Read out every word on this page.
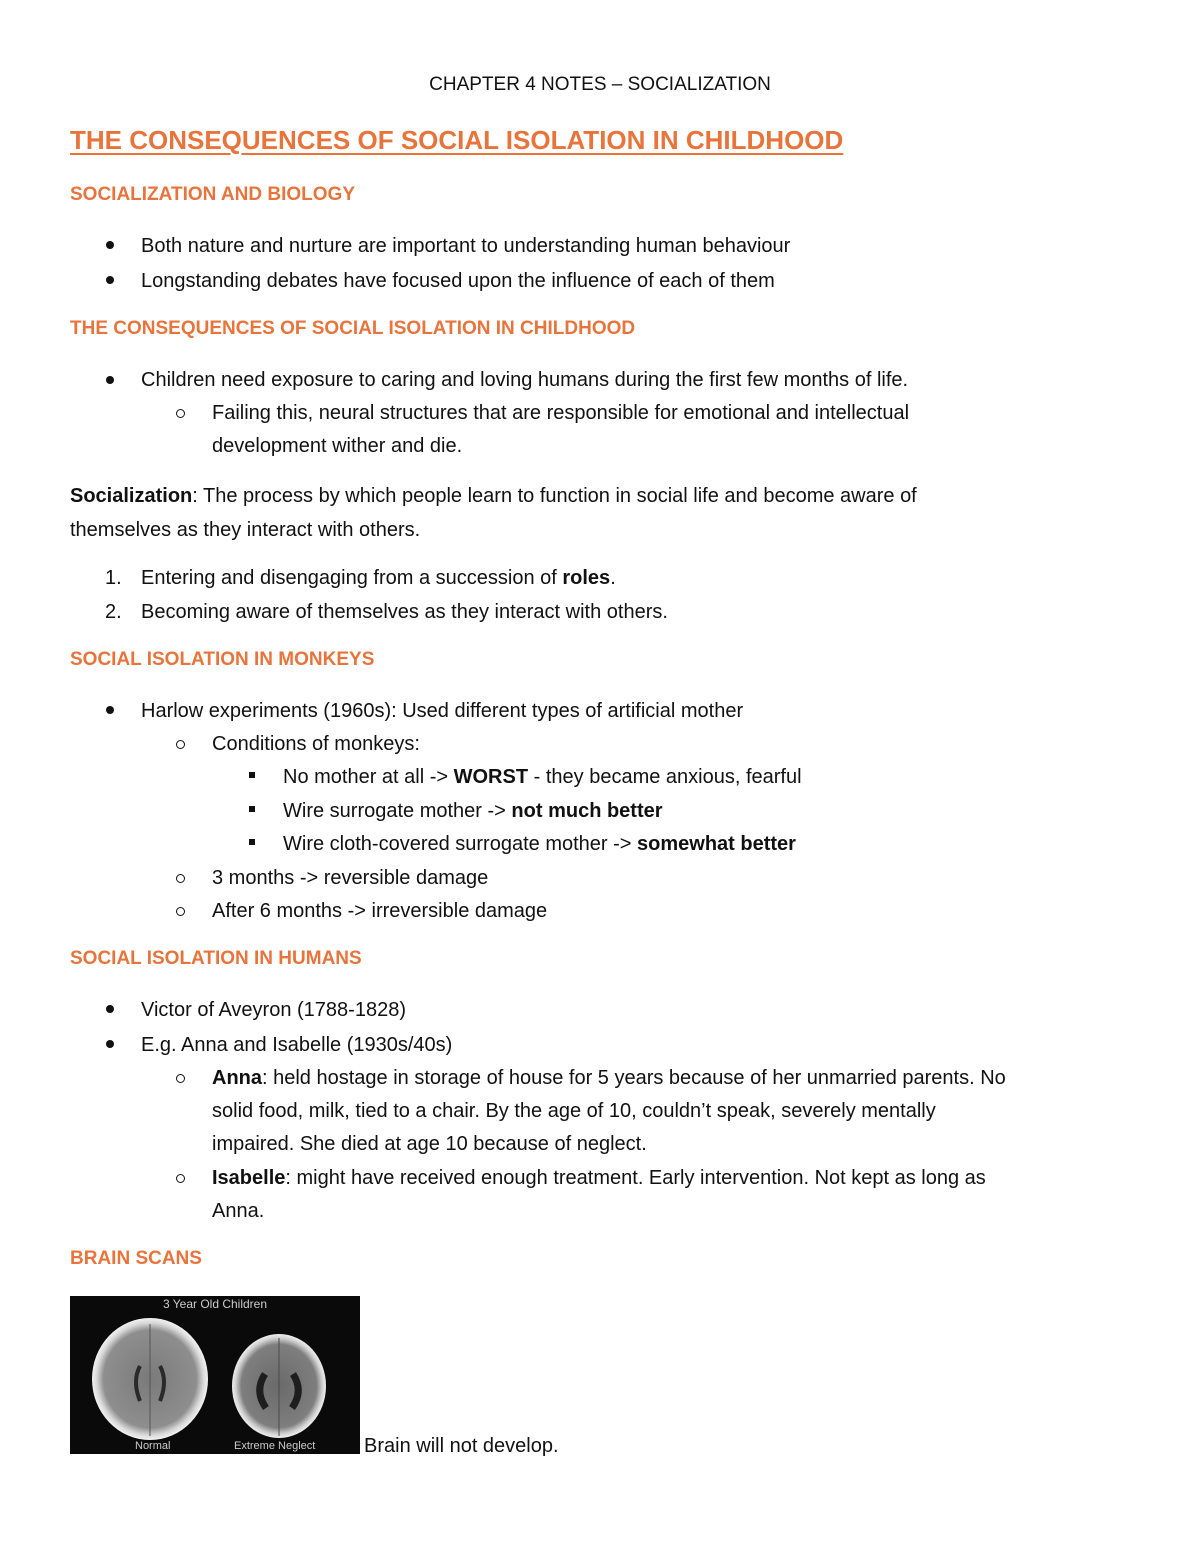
CHAPTER 4 NOTES – SOCIALIZATION
THE CONSEQUENCES OF SOCIAL ISOLATION IN CHILDHOOD
SOCIALIZATION AND BIOLOGY
Both nature and nurture are important to understanding human behaviour
Longstanding debates have focused upon the influence of each of them
THE CONSEQUENCES OF SOCIAL ISOLATION IN CHILDHOOD
Children need exposure to caring and loving humans during the first few months of life.
Failing this, neural structures that are responsible for emotional and intellectual
development wither and die.
Socialization: The process by which people learn to function in social life and become aware of
themselves as they interact with others.
1. Entering and disengaging from a succession of roles.
2. Becoming aware of themselves as they interact with others.
SOCIAL ISOLATION IN MONKEYS
Harlow experiments (1960s): Used different types of artificial mother
Conditions of monkeys:
No mother at all -> WORST - they became anxious, fearful
Wire surrogate mother -> not much better
Wire cloth-covered surrogate mother -> somewhat better
3 months -> reversible damage
After 6 months -> irreversible damage
SOCIAL ISOLATION IN HUMANS
Victor of Aveyron (1788-1828)
E.g. Anna and Isabelle (1930s/40s)
Anna: held hostage in storage of house for 5 years because of her unmarried parents. No
solid food, milk, tied to a chair. By the age of 10, couldn’t speak, severely mentally
impaired. She died at age 10 because of neglect.
Isabelle: might have received enough treatment. Early intervention. Not kept as long as
Anna.
BRAIN SCANS
3 Year Old Children
Normal	Extreme Neglect Brain will not develop.
